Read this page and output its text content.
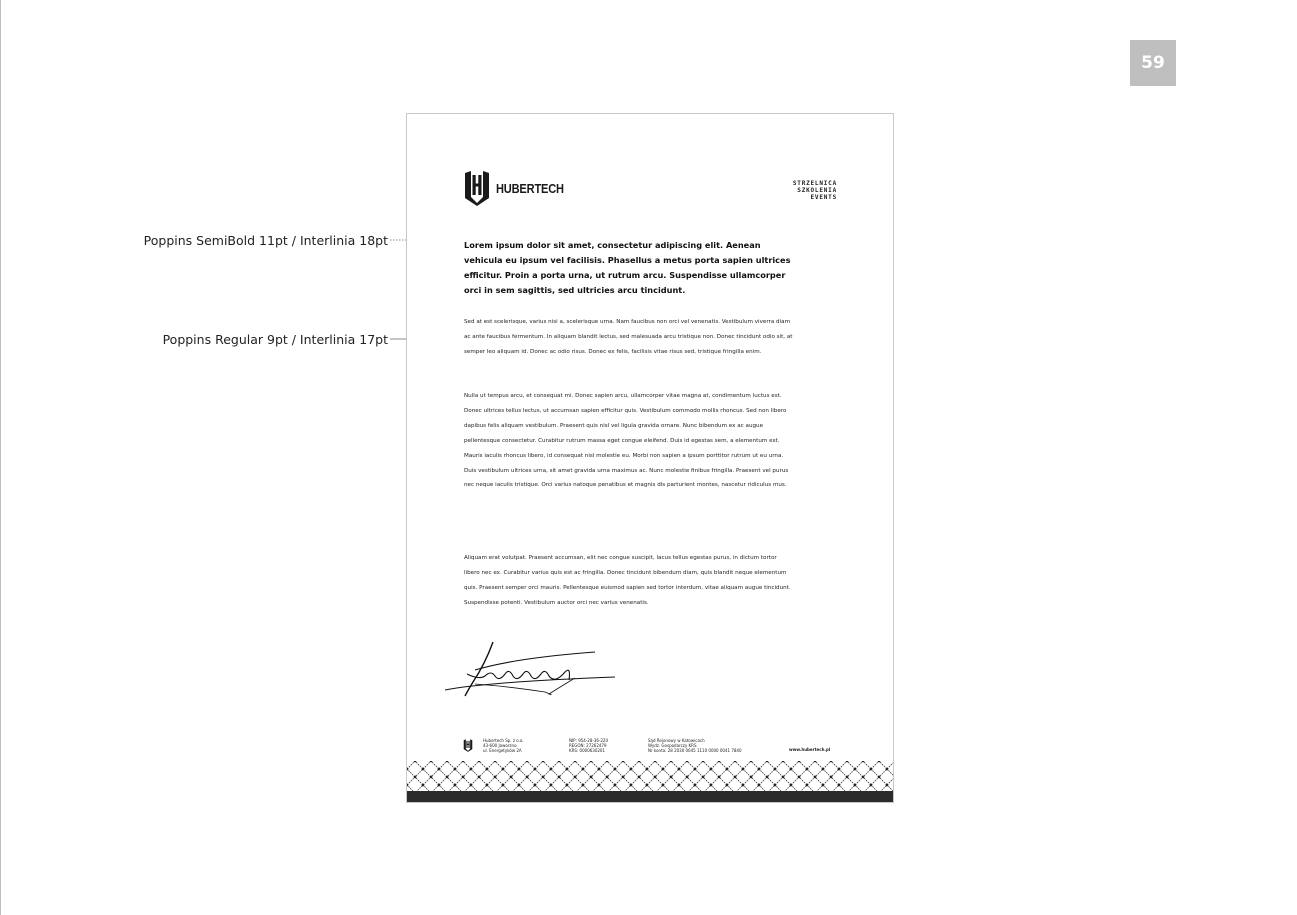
59
Poppins SemiBold 11pt / Interlinia 18pt
Poppins Regular 9pt / Interlinia 17pt
HUBERTECH	STRZELNICA
SZKOLENIA
EVENTS
Lorem ipsum dolor sit amet, consectetur adipiscing elit. Aenean vehicula eu ipsum vel facilisis. Phasellus a metus porta sapien ultrices efficitur. Proin a porta urna, ut rutrum arcu. Suspendisse ullamcorper orci in sem sagittis, sed ultricies arcu tincidunt.
Sed at est scelerisque, varius nisi a, scelerisque urna. Nam faucibus non orci vel venenatis. Vestibulum viverra diam ac ante faucibus fermentum. In aliquam blandit lectus, sed malesuada arcu tristique non. Donec tincidunt odio sit, at semper leo aliquam id. Donec ac odio risus. Donec ex felis, facilisis vitae risus sed, tristique fringilla enim.
Nulla ut tempus arcu, et consequat mi. Donec sapien arcu, ullamcorper vitae magna at, condimentum luctus est. Donec ultrices tellus lectus, ut accumsan sapien efficitur quis. Vestibulum commodo mollis rhoncus. Sed non libero dapibus felis aliquam vestibulum. Praesent quis nisl vel ligula gravida ornare. Nunc bibendum ex ac augue pellentesque consectetur. Curabitur rutrum massa eget congue eleifend. Duis id egestas sem, a elementum est. Mauris iaculis rhoncus libero, id consequat nisl molestie eu. Morbi non sapien a ipsum porttitor rutrum ut eu urna. Duis vestibulum ultrices urna, sit amet gravida urna maximus ac. Nunc molestie finibus fringilla. Praesent vel purus nec neque iaculis tristique. Orci varius natoque penatibus et magnis dis parturient montes, nascetur ridiculus mus.
Aliquam erat volutpat. Praesent accumsan, elit nec congue suscipit, lacus tellus egestas purus, in dictum tortor libero nec ex. Curabitur varius quis est ac fringilla. Donec tincidunt bibendum diam, quis blandit neque elementum quis. Praesent semper orci mauris. Pellentesque euismod sapien sed tortor interdum, vitae aliquam augue tincidunt. Suspendisse potenti. Vestibulum auctor orci nec varius venenatis.
Hubertech Sp. z o.o.
43-600 Jaworzno
ul. Energetyków 2A
NIP: 954-28-36-220
REGON: 27262479
KRS: 0000630201
Sąd Rejonowy w Katowicach
Wydz. Gospodarczy KRS
Nr konta: 28 2030 0045 1110 0000 0041 7840	www.hubertech.pl
